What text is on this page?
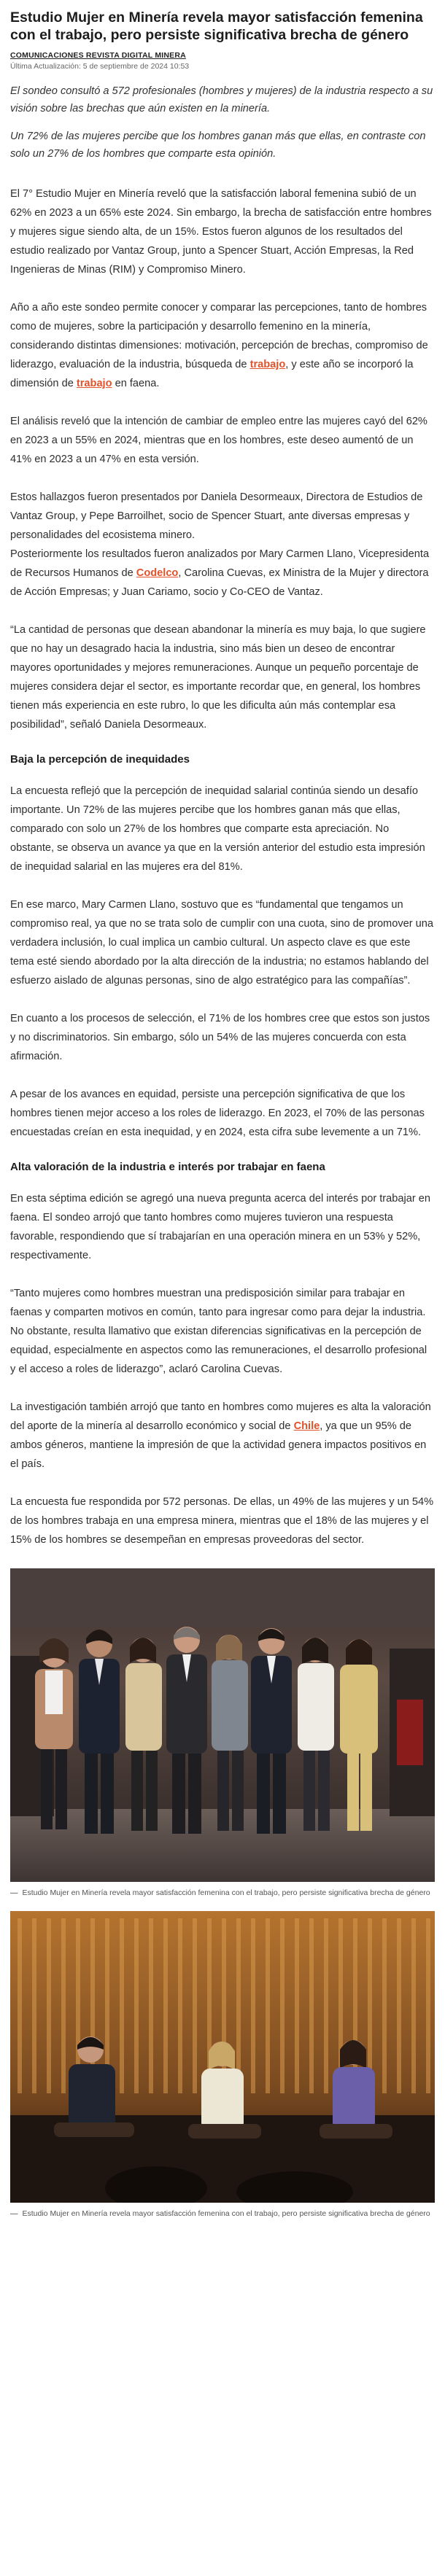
Estudio Mujer en Minería revela mayor satisfacción femenina con el trabajo, pero persiste significativa brecha de género
COMUNICACIONES REVISTA DIGITAL MINERA
Última Actualización: 5 de septiembre de 2024 10:53

El sondeo consultó a 572 profesionales (hombres y mujeres) de la industria respecto a su visión sobre las brechas que aún existen en la minería.

Un 72% de las mujeres percibe que los hombres ganan más que ellas, en contraste con solo un 27% de los hombres que comparte esta opinión.

El 7° Estudio Mujer en Minería reveló que la satisfacción laboral femenina subió de un 62% en 2023 a un 65% este 2024. Sin embargo, la brecha de satisfacción entre hombres y mujeres sigue siendo alta, de un 15%. Estos fueron algunos de los resultados del estudio realizado por Vantaz Group, junto a Spencer Stuart, Acción Empresas, la Red Ingenieras de Minas (RIM) y Compromiso Minero.

Año a año este sondeo permite conocer y comparar las percepciones, tanto de hombres como de mujeres, sobre la participación y desarrollo femenino en la minería, considerando distintas dimensiones: motivación, percepción de brechas, compromiso de liderazgo, evaluación de la industria, búsqueda de trabajo, y este año se incorporó la dimensión de trabajo en faena.

El análisis reveló que la intención de cambiar de empleo entre las mujeres cayó del 62% en 2023 a un 55% en 2024, mientras que en los hombres, este deseo aumentó de un 41% en 2023 a un 47% en esta versión.

Estos hallazgos fueron presentados por Daniela Desormeaux, Directora de Estudios de Vantaz Group, y Pepe Barroilhet, socio de Spencer Stuart, ante diversas empresas y personalidades del ecosistema minero.

Posteriormente los resultados fueron analizados por Mary Carmen Llano, Vicepresidenta de Recursos Humanos de Codelco, Carolina Cuevas, ex Ministra de la Mujer y directora de Acción Empresas; y Juan Cariamo, socio y Co-CEO de Vantaz.

“La cantidad de personas que desean abandonar la minería es muy baja, lo que sugiere que no hay un desagrado hacia la industria, sino más bien un deseo de encontrar mayores oportunidades y mejores remuneraciones. Aunque un pequeño porcentaje de mujeres considera dejar el sector, es importante recordar que, en general, los hombres tienen más experiencia en este rubro, lo que les dificulta aún más contemplar esa posibilidad”, señaló Daniela Desormeaux.

Baja la percepción de inequidades

La encuesta reflejó que la percepción de inequidad salarial continúa siendo un desafío importante. Un 72% de las mujeres percibe que los hombres ganan más que ellas, comparado con solo un 27% de los hombres que comparte esta apreciación. No obstante, se observa un avance ya que en la versión anterior del estudio esta impresión de inequidad salarial en las mujeres era del 81%.

En ese marco, Mary Carmen Llano, sostuvo que es “fundamental que tengamos un compromiso real, ya que no se trata solo de cumplir con una cuota, sino de promover una verdadera inclusión, lo cual implica un cambio cultural. Un aspecto clave es que este tema esté siendo abordado por la alta dirección de la industria; no estamos hablando del esfuerzo aislado de algunas personas, sino de algo estratégico para las compañías”.

En cuanto a los procesos de selección, el 71% de los hombres cree que estos son justos y no discriminatorios. Sin embargo, sólo un 54% de las mujeres concuerda con esta afirmación.

A pesar de los avances en equidad, persiste una percepción significativa de que los hombres tienen mejor acceso a los roles de liderazgo. En 2023, el 70% de las personas encuestadas creían en esta inequidad, y en 2024, esta cifra sube levemente a un 71%.

Alta valoración de la industria e interés por trabajar en faena

En esta séptima edición se agregó una nueva pregunta acerca del interés por trabajar en faena. El sondeo arrojó que tanto hombres como mujeres tuvieron una respuesta favorable, respondiendo que sí trabajarían en una operación minera en un 53% y 52%, respectivamente.

“Tanto mujeres como hombres muestran una predisposición similar para trabajar en faenas y comparten motivos en común, tanto para ingresar como para dejar la industria. No obstante, resulta llamativo que existan diferencias significativas en la percepción de equidad, especialmente en aspectos como las remuneraciones, el desarrollo profesional y el acceso a roles de liderazgo”, aclaró Carolina Cuevas.

La investigación también arrojó que tanto en hombres como mujeres es alta la valoración del aporte de la minería al desarrollo económico y social de Chile, ya que un 95% de ambos géneros, mantiene la impresión de que la actividad genera impactos positivos en el país.

La encuesta fue respondida por 572 personas. De ellas, un 49% de las mujeres y un 54% de los hombres trabaja en una empresa minera, mientras que el 18% de las mujeres y el 15% de los hombres se desempeñan en empresas proveedoras del sector.

— Estudio Mujer en Minería revela mayor satisfacción femenina con el trabajo, pero persiste significativa brecha de género
— Estudio Mujer en Minería revela mayor satisfacción femenina con el trabajo, pero persiste significativa brecha de género
